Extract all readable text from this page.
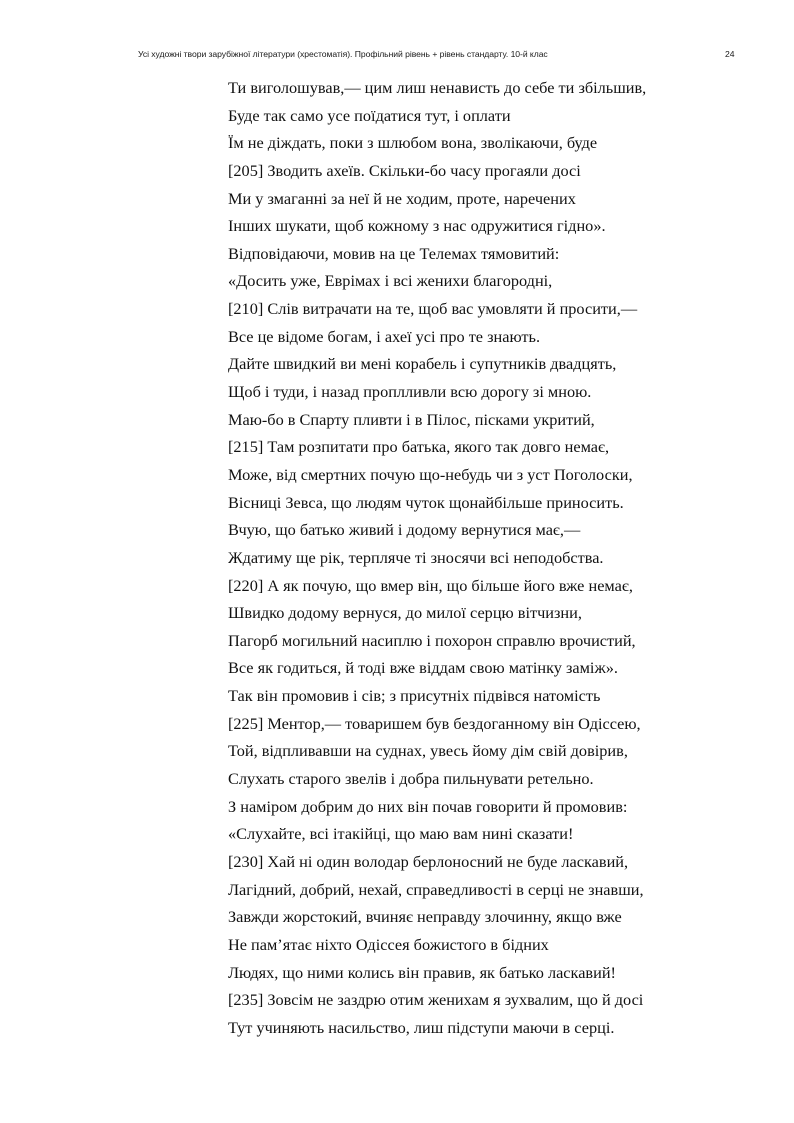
Усі художні твори зарубіжної літератури (хрестоматія). Профільний рівень + рівень стандарту. 10-й клас	24
Ти виголошував,— цим лиш ненависть до себе ти збільшив,
Буде так само усе поїдатися тут, і оплати
Їм не діждать, поки з шлюбом вона, зволікаючи, буде
[205] Зводить ахеїв. Скільки-бо часу прогаяли досі
Ми у змаганні за неї й не ходим, проте, наречених
Інших шукати, щоб кожному з нас одружитися гідно».
Відповідаючи, мовив на це Телемах тямовитий:
«Досить уже, Еврімах і всі женихи благородні,
[210] Слів витрачати на те, щоб вас умовляти й просити,—
Все це відоме богам, і ахеї усі про те знають.
Дайте швидкий ви мені корабель і супутників двадцять,
Щоб і туди, і назад проплливли всю дорогу зі мною.
Маю-бо в Спарту пливти і в Пілос, пісками укритий,
[215] Там розпитати про батька, якого так довго немає,
Може, від смертних почую що-небудь чи з уст Поголоски,
Вісниці Зевса, що людям чуток щонайбільше приносить.
Вчую, що батько живий і додому вернутися має,—
Ждатиму ще рік, терпляче ті зносячи всі неподобства.
[220] А як почую, що вмер він, що більше його вже немає,
Швидко додому вернуся, до милої серцю вітчизни,
Пагорб могильний насиплю і похорон справлю врочистий,
Все як годиться, й тоді вже віддам свою матінку заміж».
Так він промовив і сів; з присутніх підвівся натомість
[225] Ментор,— товаришем був бездоганному він Одіссею,
Той, відпливавши на суднах, увесь йому дім свій довірив,
Слухать старого звелів і добра пильнувати ретельно.
З наміром добрим до них він почав говорити й промовив:
«Слухайте, всі ітакійці, що маю вам нині сказати!
[230] Хай ні один володар берлоносний не буде ласкавий,
Лагідний, добрий, нехай, справедливості в серці не знавши,
Завжди жорстокий, вчиняє неправду злочинну, якщо вже
Не пам’ятає ніхто Одіссея божистого в бідних
Людях, що ними колись він правив, як батько ласкавий!
[235] Зовсім не заздрю отим женихам я зухвалим, що й досі
Тут учиняють насильство, лиш підступи маючи в серці.
